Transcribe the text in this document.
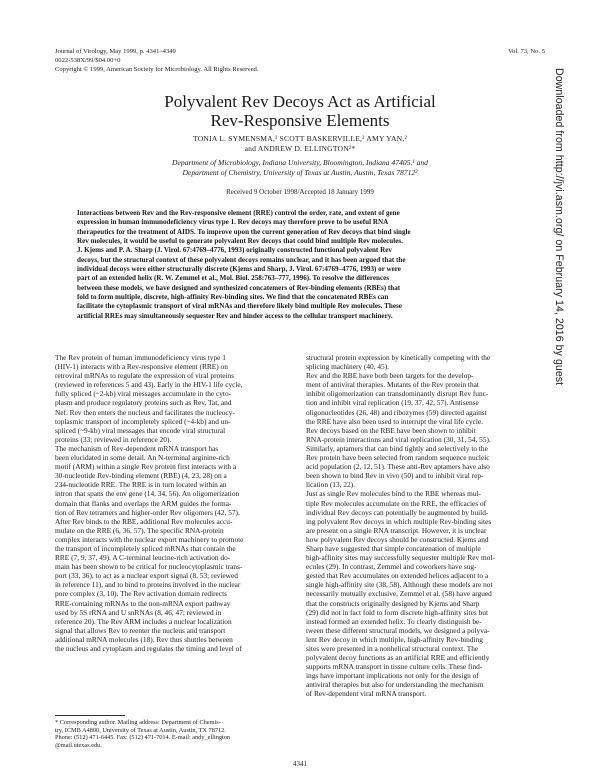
Journal of Virology, May 1999, p. 4341–4349
0022-538X/99/$04.00+0
Copyright © 1999, American Society for Microbiology. All Rights Reserved.
Vol. 73, No. 5
Polyvalent Rev Decoys Act as Artificial
Rev-Responsive Elements
TONIA L. SYMENSMA,¹ SCOTT BASKERVILLE,² AMY YAN,²
and ANDREW D. ELLINGTON²*
Department of Microbiology, Indiana University, Bloomington, Indiana 47405,¹ and
Department of Chemistry, University of Texas at Austin, Austin, Texas 78712²
Received 9 October 1998/Accepted 18 January 1999
Interactions between Rev and the Rev-responsive element (RRE) control the order, rate, and extent of gene
expression in human immunodeficiency virus type 1. Rev decoys may therefore prove to be useful RNA
therapeutics for the treatment of AIDS. To improve upon the current generation of Rev decoys that bind single
Rev molecules, it would be useful to generate polyvalent Rev decoys that could bind multiple Rev molecules.
J. Kjems and P. A. Sharp (J. Virol. 67:4769–4776, 1993) originally constructed functional polyvalent Rev
decoys, but the structural context of these polyvalent decoys remains unclear, and it has been argued that the
individual decoys were either structurally discrete (Kjems and Sharp, J. Virol. 67:4769–4776, 1993) or were
part of an extended helix (R. W. Zemmel et al., Mol. Biol. 258:763–777, 1996). To resolve the differences
between these models, we have designed and synthesized concatemers of Rev-binding elements (RBEs) that
fold to form multiple, discrete, high-affinity Rev-binding sites. We find that the concatenated RBEs can
facilitate the cytoplasmic transport of viral mRNAs and therefore likely bind multiple Rev molecules. These
artificial RREs may simultaneously sequester Rev and hinder access to the cellular transport machinery.
The Rev protein of human immunodeficiency virus type 1
(HIV-1) interacts with a Rev-responsive element (RRE) on
retroviral mRNAs to regulate the expression of viral proteins
(reviewed in references 5 and 43). Early in the HIV-1 life cycle,
fully spliced (~2-kb) viral messages accumulate in the cyto-
plasm and produce regulatory proteins such as Rev, Tat, and
Nef. Rev then enters the nucleus and facilitates the nucleocy-
toplasmic transport of incompletely spliced (~4-kb) and un-
spliced (~9-kb) viral messages that encode viral structural
proteins (33; reviewed in reference 20).
The mechanism of Rev-dependent mRNA transport has
been elucidated in some detail. An N-terminal arginine-rich
motif (ARM) within a single Rev protein first interacts with a
30-nucleotide Rev-binding element (RBE) (4, 23, 28) on a
234-nucleotide RRE. The RRE is in turn located within an
intron that spans the env gene (14, 34, 56). An oligomerization
domain that flanks and overlaps the ARM guides the forma-
tion of Rev tetramers and higher-order Rev oligomers (42, 57).
After Rev binds to the RBE, additional Rev molecules accu-
mulate on the RRE (6, 36, 57). The specific RNA-protein
complex interacts with the nuclear export machinery to promote
the transport of incompletely spliced mRNAs that contain the
RRE (7, 9, 37, 49). A C-terminal leucine-rich activation do-
main has been shown to be critical for nucleocytoplasmic trans-
port (33, 36), to act as a nuclear export signal (8, 53; reviewed
in reference 11), and to bind to proteins involved in the nuclear
pore complex (3, 10). The Rev activation domain redirects
RRE-containing mRNAs to the non-mRNA export pathway
used by 5S rRNA and U snRNAs (8, 46, 47; reviewed in
reference 20). The Rev ARM includes a nuclear localization
signal that allows Rev to reenter the nucleus and transport
additional mRNA molecules (18). Rev thus shuttles between
the nucleus and cytoplasm and regulates the timing and level of
structural protein expression by kinetically competing with the
splicing machinery (40, 45).
Rev and the RBE have both been targets for the develop-
ment of antiviral therapies. Mutants of the Rev protein that
inhibit oligomerization can transdominantly disrupt Rev func-
tion and inhibit viral replication (19, 37, 42, 57). Antisense
oligonucleotides (26, 48) and ribozymes (59) directed against
the RRE have also been used to interrupt the viral life cycle.
Rev decoys based on the RBE have been shown to inhibit
RNA-protein interactions and viral replication (30, 31, 54, 55).
Similarly, aptamers that can bind tightly and selectively to the
Rev protein have been selected from random sequence nucleic
acid population (2, 12, 51). These anti-Rev aptamers have also
been shown to bind Rev in vivo (50) and to inhibit viral rep-
lication (13, 22).
Just as single Rev molecules bind to the RBE whereas mul-
tiple Rev molecules accumulate on the RRE, the efficacies of
individual Rev decoys can potentially be augmented by build-
ing polyvalent Rev decoys in which multiple Rev-binding sites
are present on a single RNA transcript. However, it is unclear
how polyvalent Rev decoys should be constructed. Kjems and
Sharp have suggested that simple concatenation of multiple
high-affinity sites may successfully sequester multiple Rev mol-
ecules (29). In contrast, Zemmel and coworkers have sug-
gested that Rev accumulates on extended helices adjacent to a
single high-affinity site (38, 58). Although these models are not
necessarily mutually exclusive, Zemmel et al. (58) have argued
that the constructs originally designed by Kjems and Sharp
(29) did not in fact fold to form discrete high-affinity sites but
instead formed an extended helix. To clearly distinguish be-
tween these different structural models, we designed a polyva-
lent Rev decoy in which multiple, high-affinity Rev-binding
sites were presented in a nonhelical structural context. The
polyvalent decoy functions as an artificial RRE and efficiently
supports mRNA transport in tissue culture cells. These find-
ings have important implications not only for the design of
antiviral therapies but also for understanding the mechanism
of Rev-dependent viral mRNA transport.
* Corresponding author. Mailing address: Department of Chemis-
try, ICMB A4800, University of Texas at Austin, Austin, TX 78712.
Phone: (512) 471-6445. Fax: (512) 471-7014. E-mail: andy_ellington
@mail.utexas.edu.
4341
Downloaded from http://jvi.asm.org/ on February 14, 2016 by guest
